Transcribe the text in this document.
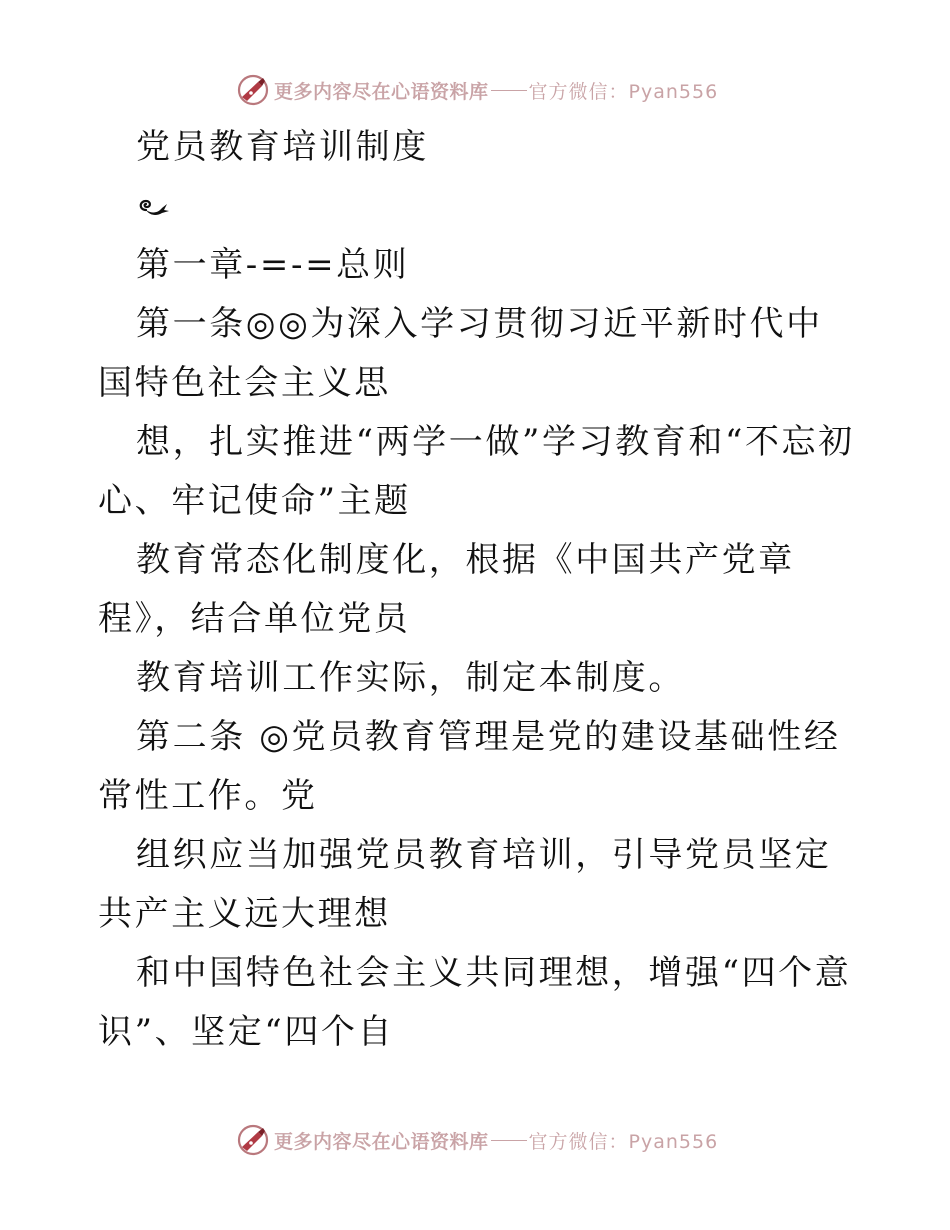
更多内容尽在心语资料库 官方微信：Pyan556

党员教育培训制度

第一章-=-=总则

第一条◎◎为深入学习贯彻习近平新时代中国特色社会主义思

想，扎实推进“两学一做”学习教育和“不忘初心、牢记使命”主题

教育常态化制度化，根据《中国共产党章程》，结合单位党员

教育培训工作实际，制定本制度。

第二条 ◎党员教育管理是党的建设基础性经常性工作。党

组织应当加强党员教育培训，引导党员坚定共产主义远大理想

和中国特色社会主义共同理想，增强“四个意识”、坚定“四个自

更多内容尽在心语资料库 官方微信：Pyan556
